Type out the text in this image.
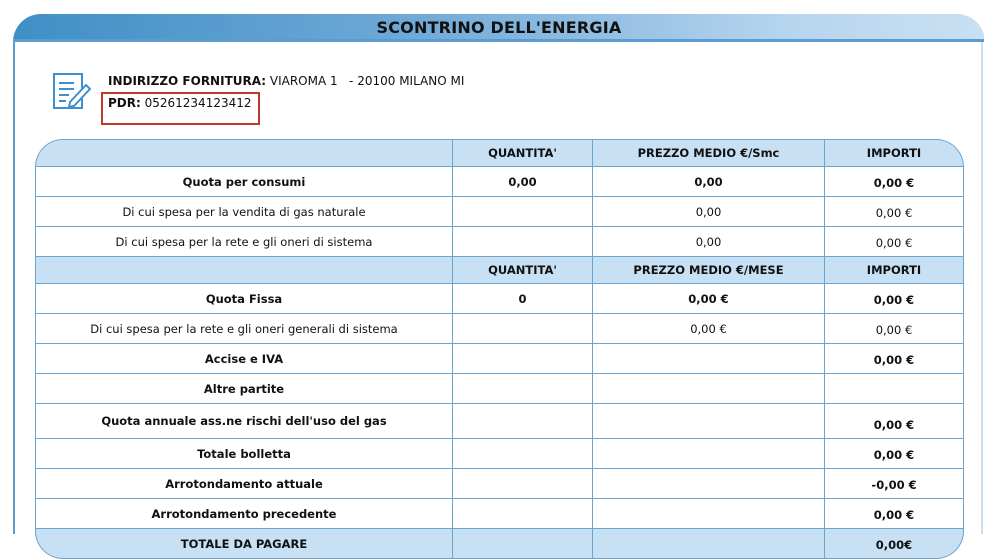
SCONTRINO DELL'ENERGIA
INDIRIZZO FORNITURA: VIAROMA 1   - 20100 MILANO MI
PDR: 05261234123412
	QUANTITA'	PREZZO MEDIO €/Smc	IMPORTI
Quota per consumi	0,00	0,00	0,00 €
Di cui spesa per la vendita di gas naturale		0,00	0,00 €
Di cui spesa per la rete e gli oneri di sistema		0,00	0,00 €
	QUANTITA'	PREZZO MEDIO €/MESE	IMPORTI
Quota Fissa	0	0,00 €	0,00 €
Di cui spesa per la rete e gli oneri generali di sistema		0,00 €	0,00 €
Accise e IVA			0,00 €
Altre partite			
Quota annuale ass.ne rischi dell'uso del gas			0,00 €
Totale bolletta			0,00 €
Arrotondamento attuale			-0,00 €
Arrotondamento precedente			0,00 €
TOTALE DA PAGARE			0,00€
